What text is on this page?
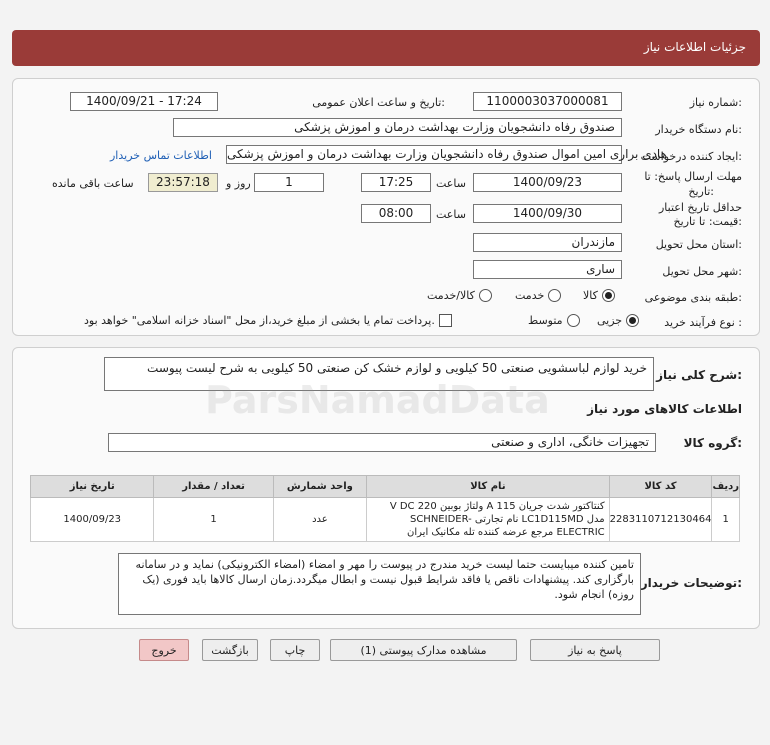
جزئیات اطلاعات نیاز
شماره نیاز:
1100003037000081
تاریخ و ساعت اعلان عمومی:
1400/09/21 - 17:24
نام دستگاه خریدار:
صندوق رفاه دانشجویان وزارت بهداشت درمان و اموزش پزشکی
ایجاد کننده درخواست:
هادی براری امین اموال صندوق رفاه دانشجویان وزارت بهداشت درمان و اموزش پزشکی
اطلاعات تماس خریدار
مهلت ارسال پاسخ: تا
تاریخ:
1400/09/23
ساعت
17:25
1
روز و
23:57:18
ساعت باقی مانده
حداقل تاریخ اعتبار
قیمت: تا تاریخ:
1400/09/30
ساعت
08:00
استان محل تحویل:
مازندران
شهر محل تحویل:
ساری
طبقه بندی موضوعی:
کالا
خدمت
کالا/خدمت
نوع فرآیند خرید :
جزیی
متوسط
پرداخت تمام یا بخشی از مبلغ خرید،از محل "اسناد خزانه اسلامی" خواهد بود.
شرح کلی نیاز:
خرید لوازم لباسشویی صنعتی 50 کیلویی و لوازم خشک کن صنعتی 50 کیلویی به شرح لیست پیوست
اطلاعات کالاهای مورد نیاز
گروه کالا:
تجهیزات خانگی، اداری و صنعتی
ردیف	کد کالا	نام کالا	واحد شمارش	تعداد / مقدار	تاریخ نیاز
1	2283110712130464	کنتاکتور شدت جریان A 115 ولتاژ بوبین V DC 220 مدل LC1D115MD نام تجارتی SCHNEIDER-ELECTRIC مرجع عرضه کننده تله مکانیک ایران	عدد	1	1400/09/23
توضیحات خریدار:
تامین کننده میبایست حتما لیست خرید مندرج در پیوست را مهر و امضاء (امضاء الکترونیکی) نماید و در سامانه بارگزاری کند. پیشنهادات ناقص یا فاقد شرایط قبول نیست و ابطال میگردد.زمان ارسال کالاها باید فوری (یک روزه) انجام شود.
پاسخ به نیاز
مشاهده مدارک پیوستی (1)
چاپ
بازگشت
خروج
